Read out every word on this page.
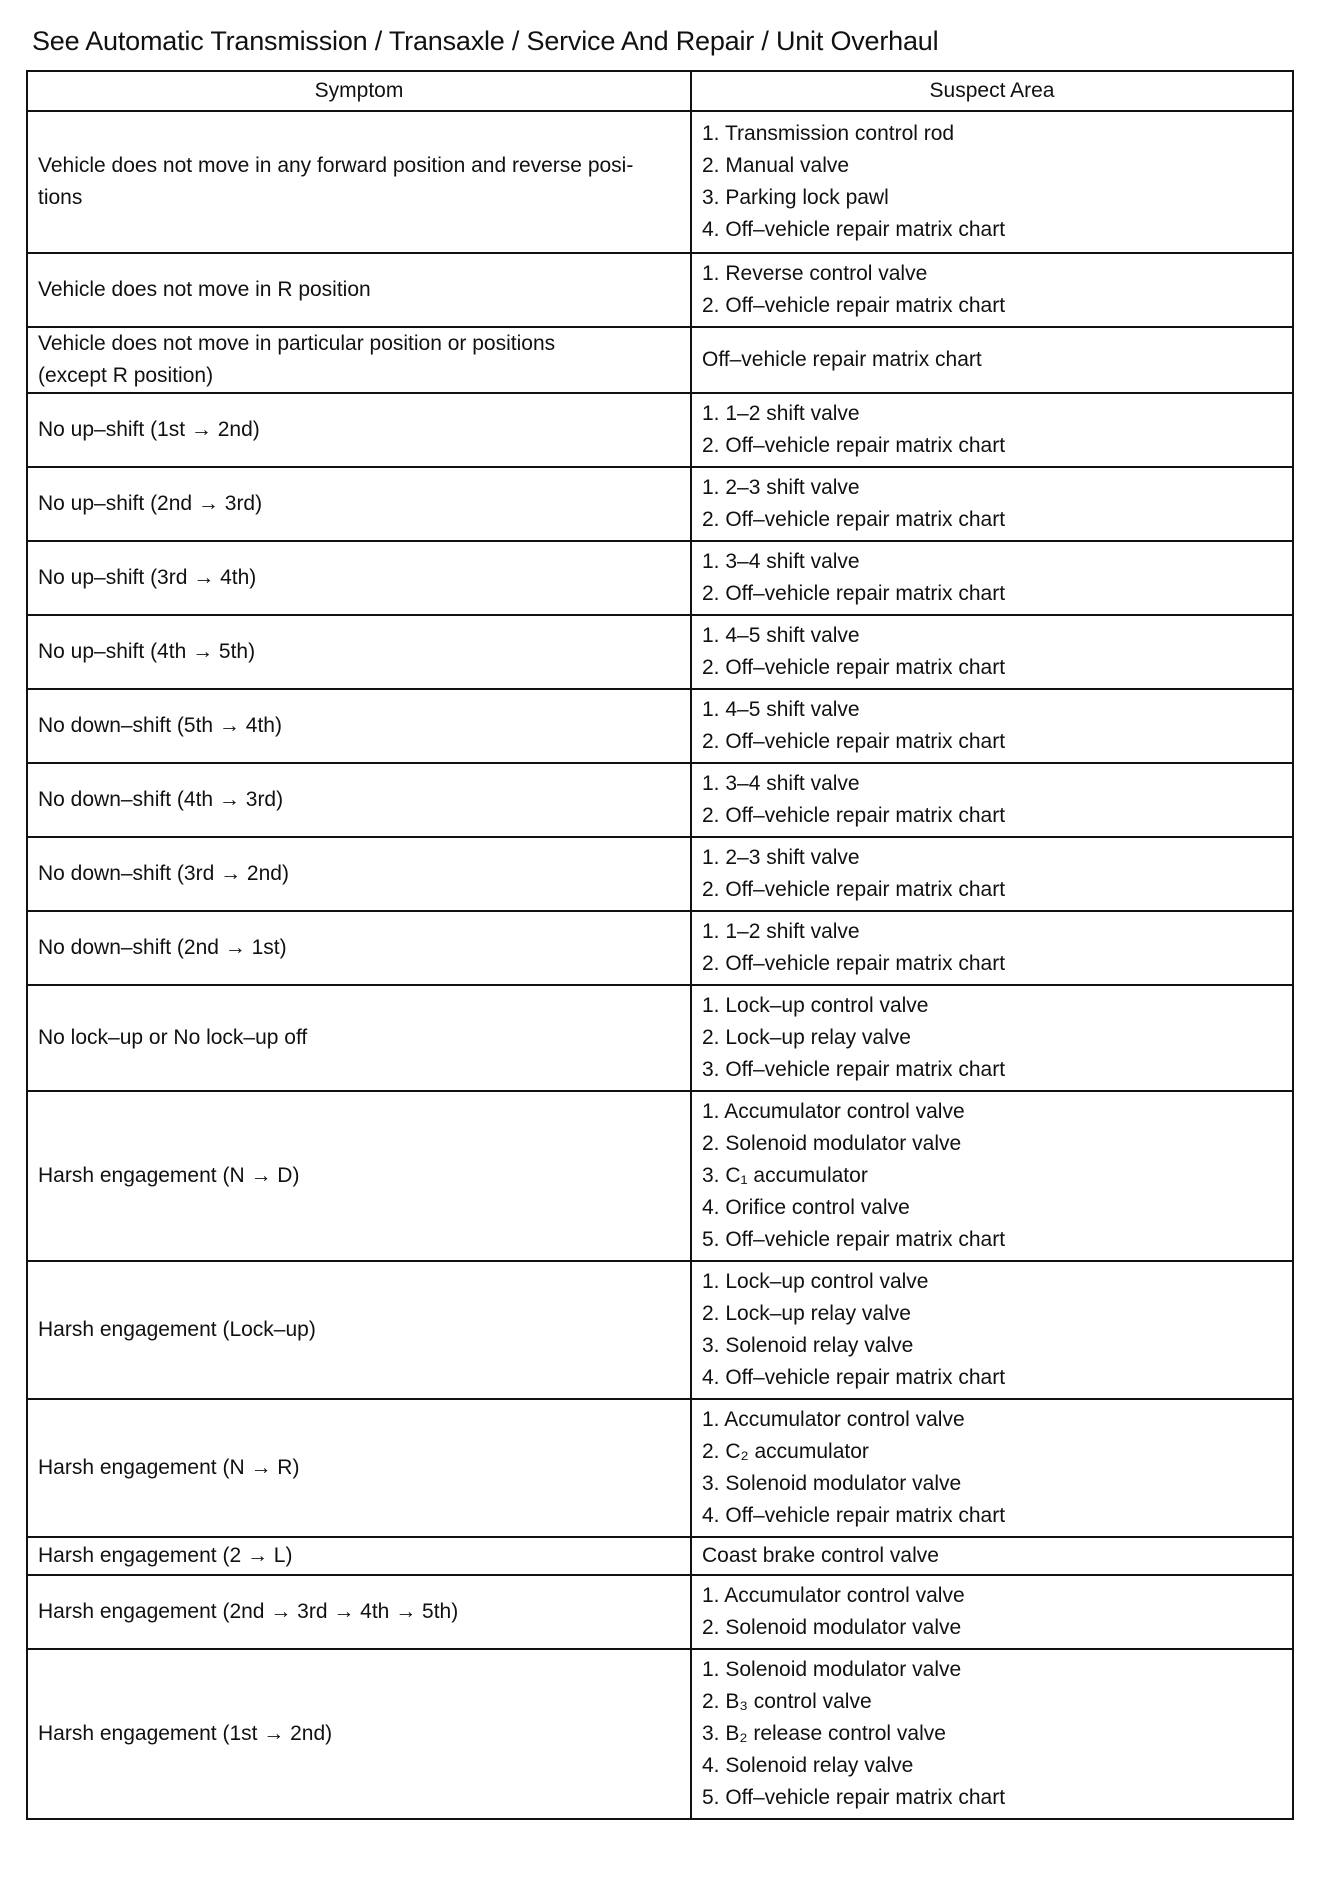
See Automatic Transmission / Transaxle / Service And Repair / Unit Overhaul
Symptom	Suspect Area

Vehicle does not move in any forward position and reverse posi-
tions	1. Transmission control rod
2. Manual valve
3. Parking lock pawl
4. Off–vehicle repair matrix chart

Vehicle does not move in R position	1. Reverse control valve
2. Off–vehicle repair matrix chart

Vehicle does not move in particular position or positions
(except R position)	Off–vehicle repair matrix chart

No up–shift (1st → 2nd)	1. 1–2 shift valve
2. Off–vehicle repair matrix chart

No up–shift (2nd → 3rd)	1. 2–3 shift valve
2. Off–vehicle repair matrix chart

No up–shift (3rd → 4th)	1. 3–4 shift valve
2. Off–vehicle repair matrix chart

No up–shift (4th → 5th)	1. 4–5 shift valve
2. Off–vehicle repair matrix chart

No down–shift (5th → 4th)	1. 4–5 shift valve
2. Off–vehicle repair matrix chart

No down–shift (4th → 3rd)	1. 3–4 shift valve
2. Off–vehicle repair matrix chart

No down–shift (3rd → 2nd)	1. 2–3 shift valve
2. Off–vehicle repair matrix chart

No down–shift (2nd → 1st)	1. 1–2 shift valve
2. Off–vehicle repair matrix chart

No lock–up or No lock–up off	1. Lock–up control valve
2. Lock–up relay valve
3. Off–vehicle repair matrix chart

Harsh engagement (N → D)	1. Accumulator control valve
2. Solenoid modulator valve
3. C₁ accumulator
4. Orifice control valve
5. Off–vehicle repair matrix chart

Harsh engagement (Lock–up)	1. Lock–up control valve
2. Lock–up relay valve
3. Solenoid relay valve
4. Off–vehicle repair matrix chart

Harsh engagement (N → R)	1. Accumulator control valve
2. C₂ accumulator
3. Solenoid modulator valve
4. Off–vehicle repair matrix chart

Harsh engagement (2 → L)	Coast brake control valve

Harsh engagement (2nd → 3rd → 4th → 5th)	1. Accumulator control valve
2. Solenoid modulator valve

Harsh engagement (1st → 2nd)	1. Solenoid modulator valve
2. B₃ control valve
3. B₂ release control valve
4. Solenoid relay valve
5. Off–vehicle repair matrix chart
